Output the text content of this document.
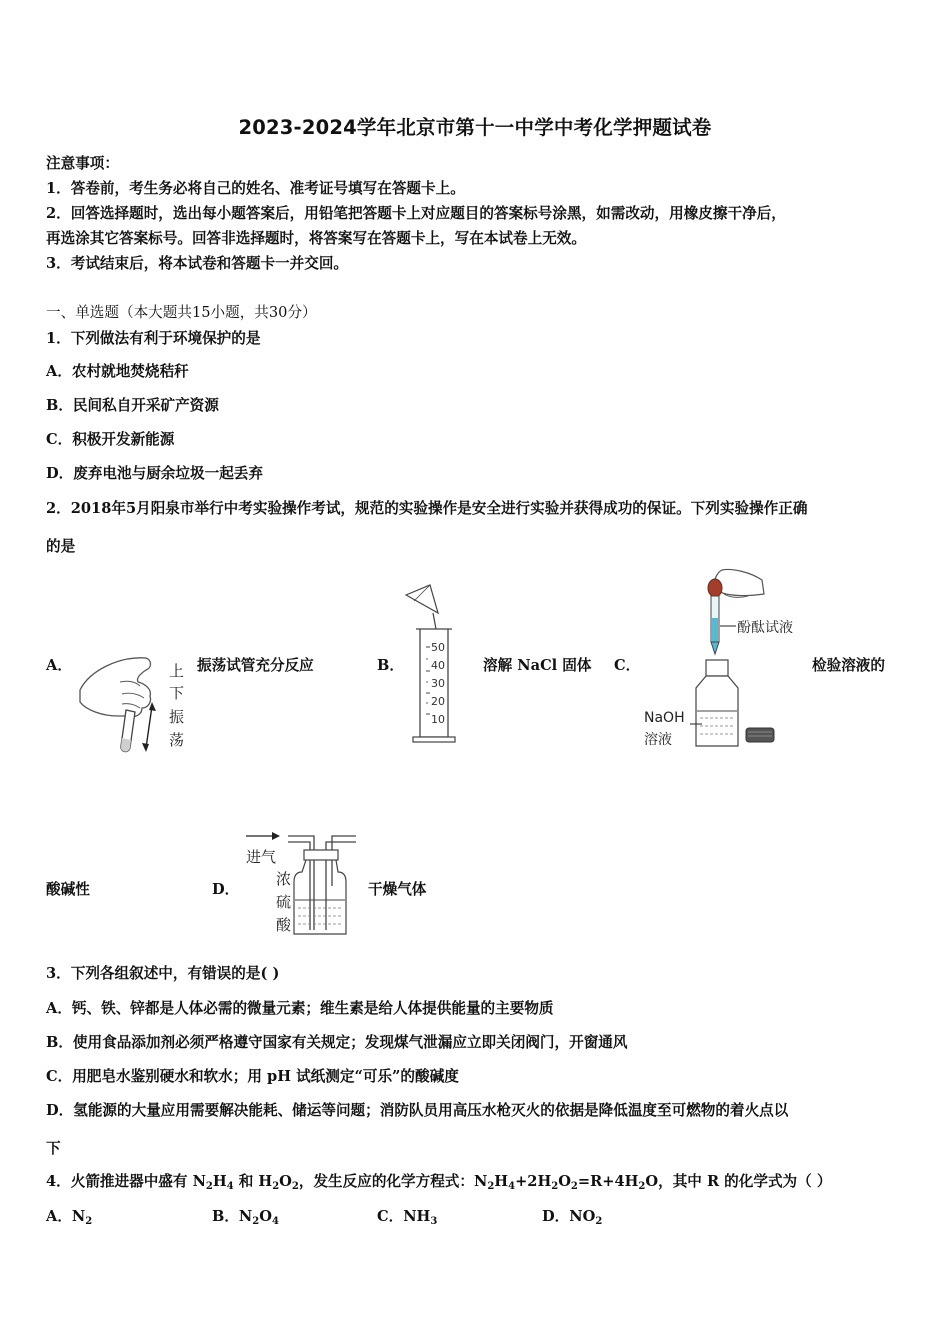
2023-2024学年北京市第十一中学中考化学押题试卷
注意事项：
1．答卷前，考生务必将自己的姓名、准考证号填写在答题卡上。
2．回答选择题时，选出每小题答案后，用铅笔把答题卡上对应题目的答案标号涂黑，如需改动，用橡皮擦干净后，
再选涂其它答案标号。回答非选择题时，将答案写在答题卡上，写在本试卷上无效。
3．考试结束后，将本试卷和答题卡一并交回。
一、单选题（本大题共15小题，共30分）
1．下列做法有利于环境保护的是
A．农村就地焚烧秸秆
B．民间私自开采矿产资源
C．积极开发新能源
D．废弃电池与厨余垃圾一起丢弃
2．2018年5月阳泉市举行中考实验操作考试，规范的实验操作是安全进行实验并获得成功的保证。下列实验操作正确
的是
A．	上
下
振
荡
振荡试管充分反应	B．
50
40
30
20
10
溶解 NaCl 固体 C．
酚酞试液
NaOH
溶液
检验溶液的
酸碱性	D．
进气
浓
硫
酸
干燥气体
3．下列各组叙述中，有错误的是( )
A．钙、铁、锌都是人体必需的微量元素；维生素是给人体提供能量的主要物质
B．使用食品添加剂必须严格遵守国家有关规定；发现煤气泄漏应立即关闭阀门，开窗通风
C．用肥皂水鉴别硬水和软水；用 pH 试纸测定“可乐”的酸碱度
D．氢能源的大量应用需要解决能耗、储运等问题；消防队员用高压水枪灭火的依据是降低温度至可燃物的着火点以
下
4．火箭推进器中盛有 $N_2H_4$ 和 $H_2O_2$，发生反应的化学方程式：$N_2H_4+2H_2O_2=R+4H_2O$，其中 R 的化学式为（ ）
A．$N_2$	B．$N_2O_4$	C．$NH_3$	D．$NO_2$
